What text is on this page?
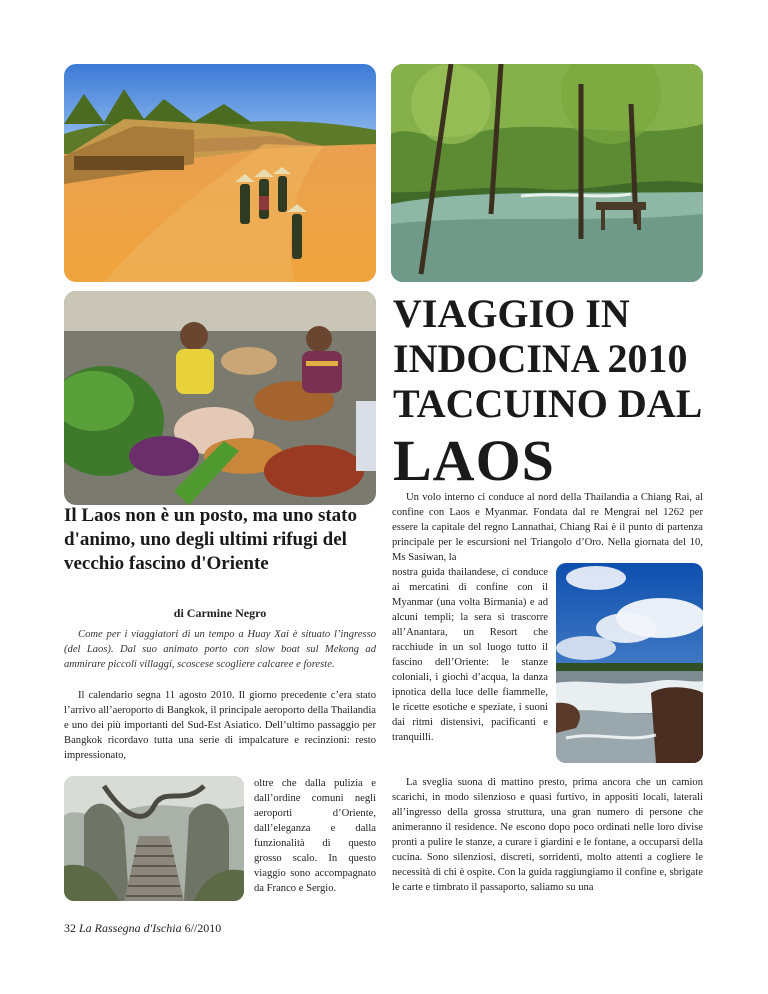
VIAGGIO IN
INDOCINA 2010
TACCUINO DAL
LAOS
Il Laos non è un posto, ma uno stato d'animo, uno degli ultimi rifugi del vecchio fascino d'Oriente
di Carmine Negro

Come per i viaggiatori di un tempo a Huay Xai è situato l’ingresso (del Laos). Dal suo animato porto con slow boat sul Mekong ad ammirare piccoli villaggi, scoscese scogliere calcaree e foreste.

Il calendario segna 11 agosto 2010. Il giorno precedente c’era stato l’arrivo all’aeroporto di Bangkok, il principale aeroporto della Thailandia e uno dei più importanti del Sud-Est Asiatico. Dell’ultimo passaggio per Bangkok ricordavo tutta una serie di impalcature e recinzioni: resto impressionato,

oltre che dalla pulizia e dall’ordine comuni negli aeroporti d’Oriente, dall’eleganza e dalla funzionalità di questo grosso scalo. In questo viaggio sono accompagnato da Franco e Sergio.

Un volo interno ci conduce al nord della Thailandia a Chiang Rai, al confine con Laos e Myanmar. Fondata dal re Mengrai nel 1262 per essere la capitale del regno Lannathai, Chiang Rai è il punto di partenza principale per le escursioni nel Triangolo d’Oro. Nella giornata del 10, Ms Sasiwan, la

nostra guida thailandese, ci conduce ai mercatini di confine con il Myanmar (una volta Birmania) e ad alcuni templi; la sera si trascorre all’Anantara, un Resort che racchiude in un sol luogo tutto il fascino dell’Oriente: le stanze coloniali, i giochi d’acqua, la danza ipnotica della luce delle fiammelle, le ricette esotiche e speziate, i suoni dai ritmi distensivi, pacificanti e tranquilli.

La sveglia suona di mattino presto, prima ancora che un camion scarichi, in modo silenzioso e quasi furtivo, in appositi locali, laterali all’ingresso della grossa struttura, una gran numero di persone che animeranno il residence. Ne escono dopo poco ordinati nelle loro divise pronti a pulire le stanze, a curare i giardini e le fontane, a occuparsi della cucina. Sono silenziosi, discreti, sorridenti, molto attenti a cogliere le necessità di chi è ospite. Con la guida raggiungiamo il confine e, sbrigate le carte e timbrato il passaporto, saliamo su una

32 La Rassegna d'Ischia 6//2010
